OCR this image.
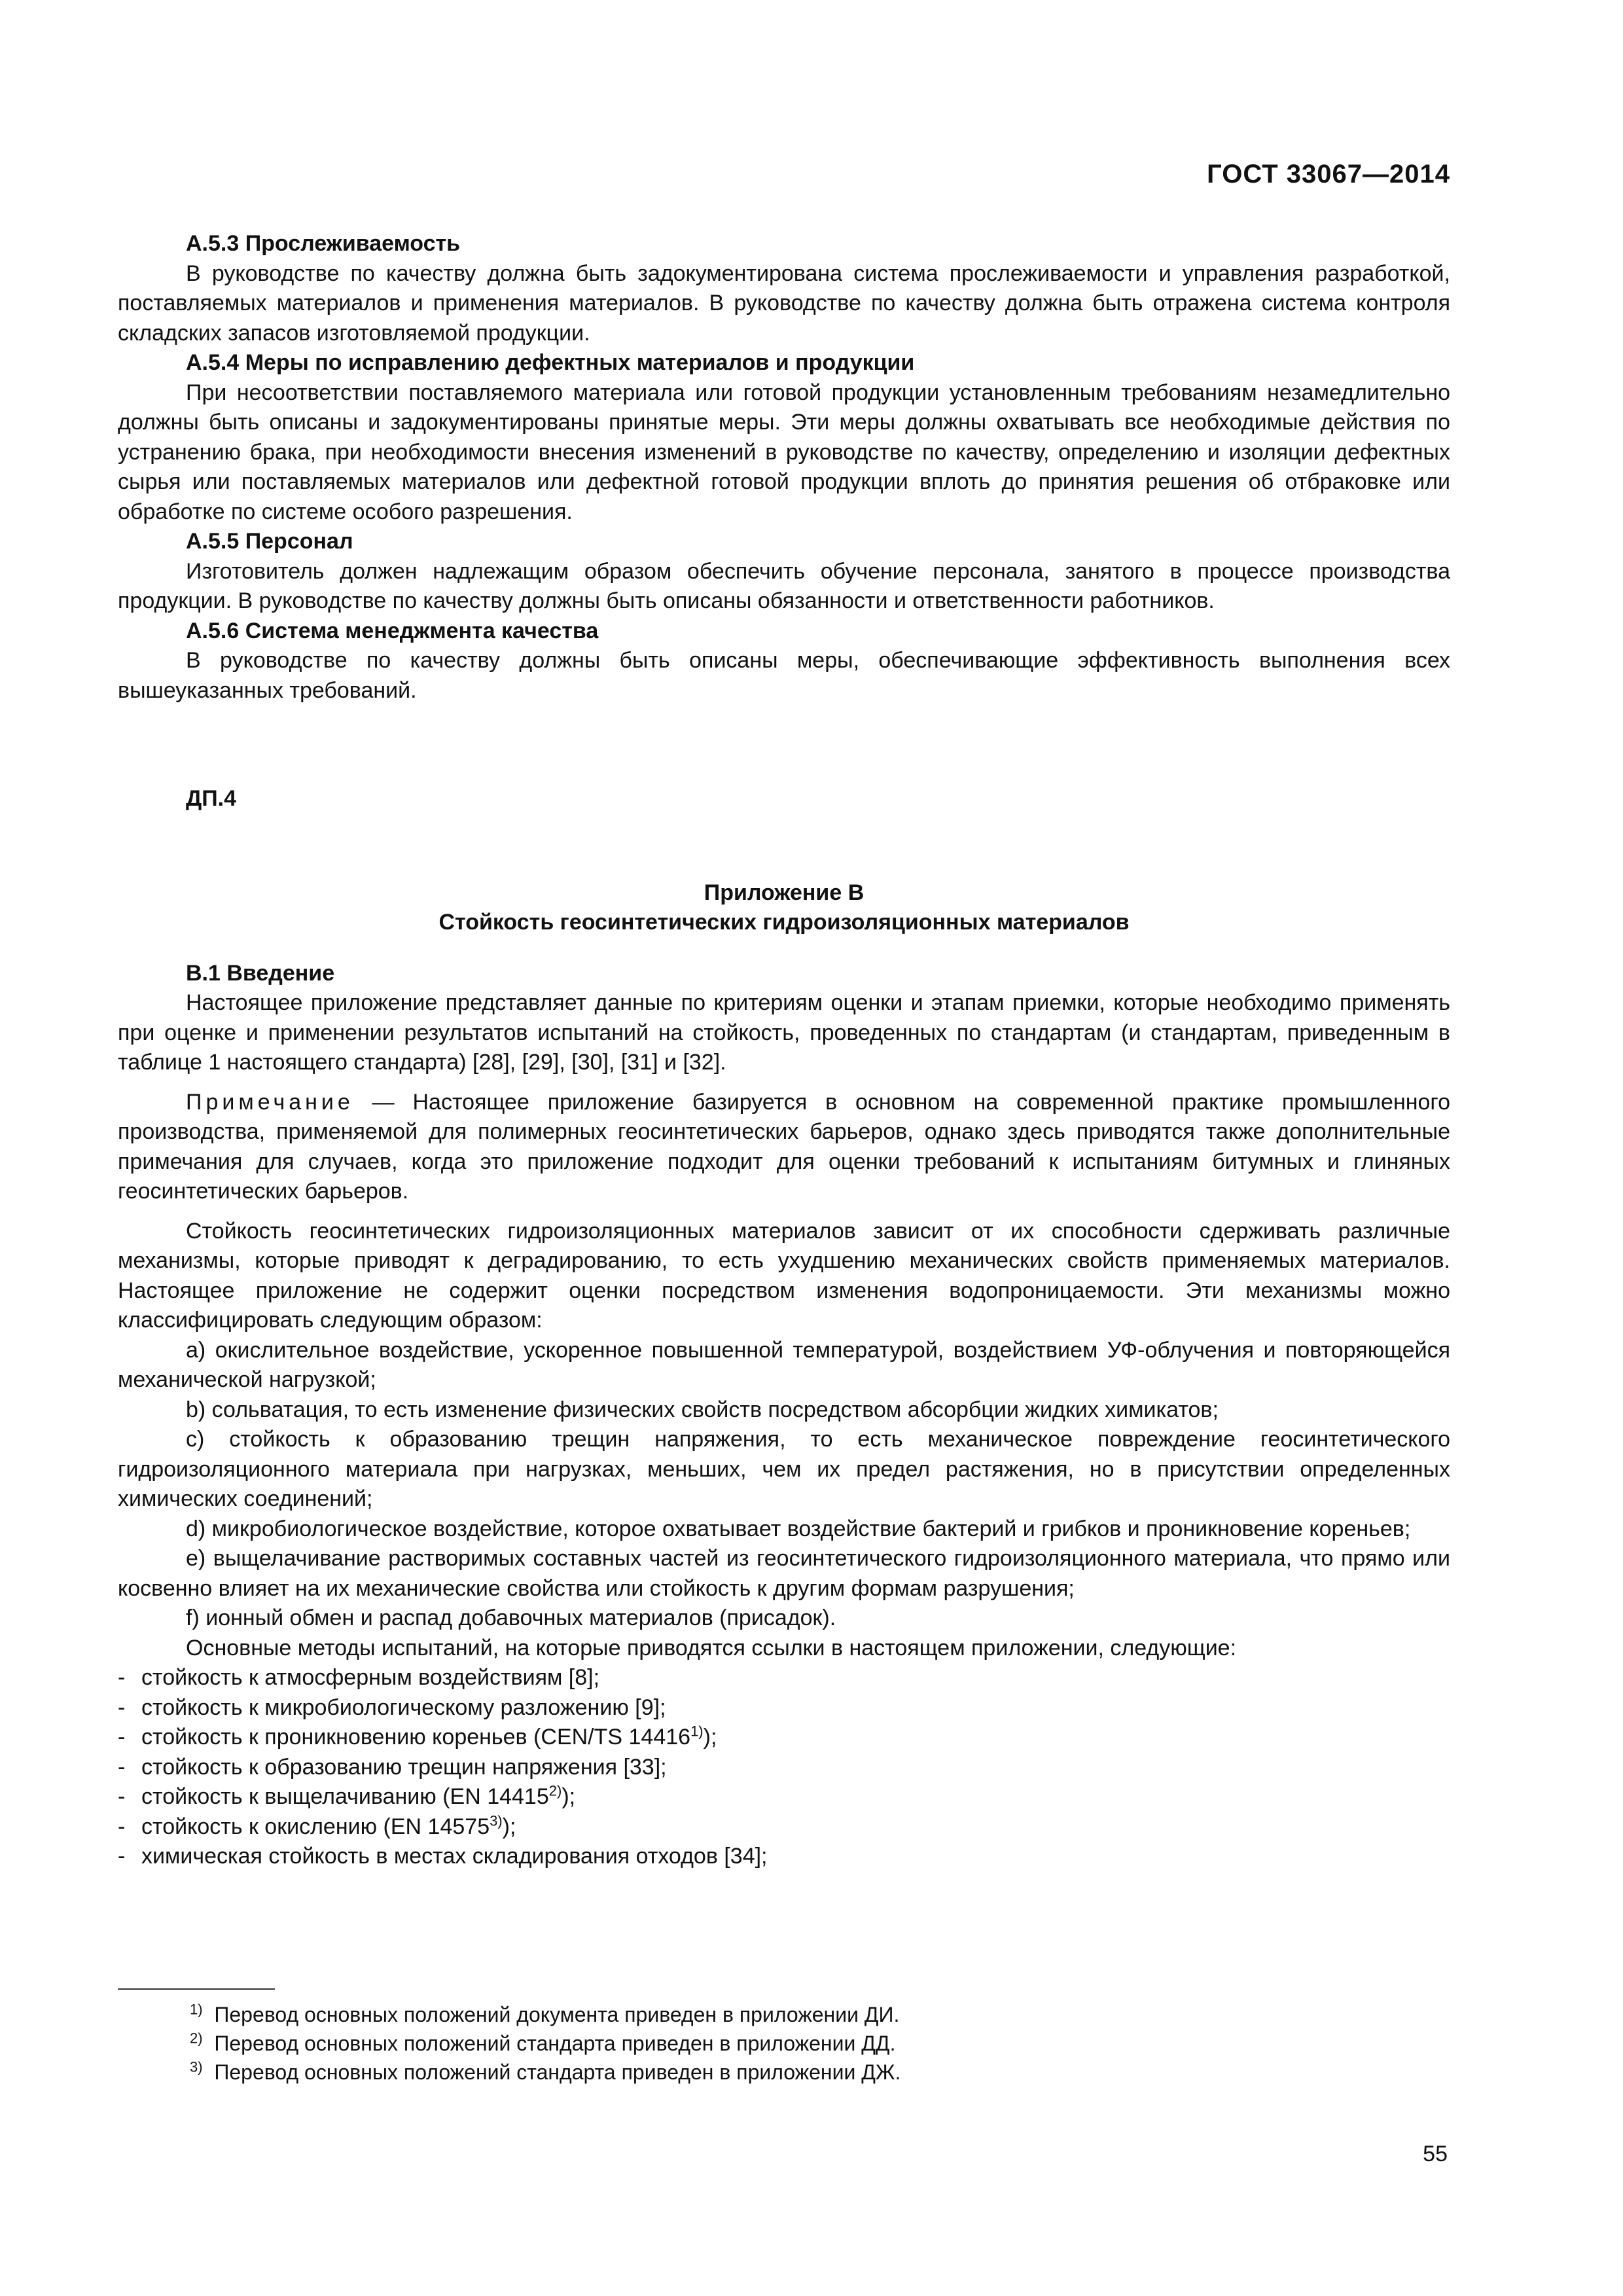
ГОСТ 33067—2014
А.5.3 Прослеживаемость

В руководстве по качеству должна быть задокументирована система прослеживаемости и управления разработкой, поставляемых материалов и применения материалов. В руководстве по качеству должна быть отражена система контроля складских запасов изготовляемой продукции.

А.5.4 Меры по исправлению дефектных материалов и продукции

При несоответствии поставляемого материала или готовой продукции установленным требованиям незамедлительно должны быть описаны и задокументированы принятые меры. Эти меры должны охватывать все необходимые действия по устранению брака, при необходимости внесения изменений в руководстве по качеству, определению и изоляции дефектных сырья или поставляемых материалов или дефектной готовой продукции вплоть до принятия решения об отбраковке или обработке по системе особого разрешения.

А.5.5 Персонал

Изготовитель должен надлежащим образом обеспечить обучение персонала, занятого в процессе производства продукции. В руководстве по качеству должны быть описаны обязанности и ответственности работников.

А.5.6 Система менеджмента качества

В руководстве по качеству должны быть описаны меры, обеспечивающие эффективность выполнения всех вышеуказанных требований.

ДП.4
Приложение В
Стойкость геосинтетических гидроизоляционных материалов
В.1 Введение

Настоящее приложение представляет данные по критериям оценки и этапам приемки, которые необходимо применять при оценке и применении результатов испытаний на стойкость, проведенных по стандартам (и стандартам, приведенным в таблице 1 настоящего стандарта) [28], [29], [30], [31] и [32].

Примечание — Настоящее приложение базируется в основном на современной практике промышленного производства, применяемой для полимерных геосинтетических барьеров, однако здесь приводятся также дополнительные примечания для случаев, когда это приложение подходит для оценки требований к испытаниям битумных и глиняных геосинтетических барьеров.

Стойкость геосинтетических гидроизоляционных материалов зависит от их способности сдерживать различные механизмы, которые приводят к деградированию, то есть ухудшению механических свойств применяемых материалов. Настоящее приложение не содержит оценки посредством изменения водопроницаемости. Эти механизмы можно классифицировать следующим образом:

а) окислительное воздействие, ускоренное повышенной температурой, воздействием УФ-облучения и повторяющейся механической нагрузкой;

b) сольватация, то есть изменение физических свойств посредством абсорбции жидких химикатов;

c) стойкость к образованию трещин напряжения, то есть механическое повреждение геосинтетического гидроизоляционного материала при нагрузках, меньших, чем их предел растяжения, но в присутствии определенных химических соединений;

d) микробиологическое воздействие, которое охватывает воздействие бактерий и грибков и проникновение кореньев;

е) выщелачивание растворимых составных частей из геосинтетического гидроизоляционного материала, что прямо или косвенно влияет на их механические свойства или стойкость к другим формам разрушения;

f) ионный обмен и распад добавочных материалов (присадок).

Основные методы испытаний, на которые приводятся ссылки в настоящем приложении, следующие:

- стойкость к атмосферным воздействиям [8];
- стойкость к микробиологическому разложению [9];
- стойкость к проникновению кореньев (CEN/TS 14416$^{1)}$);
- стойкость к образованию трещин напряжения [33];
- стойкость к выщелачиванию (EN 14415$^{2)}$);
- стойкость к окислению (EN 14575$^{3)}$);
- химическая стойкость в местах складирования отходов [34];
$^{1)}$ Перевод основных положений документа приведен в приложении ДИ.
$^{2)}$ Перевод основных положений стандарта приведен в приложении ДД.
$^{3)}$ Перевод основных положений стандарта приведен в приложении ДЖ.
55
